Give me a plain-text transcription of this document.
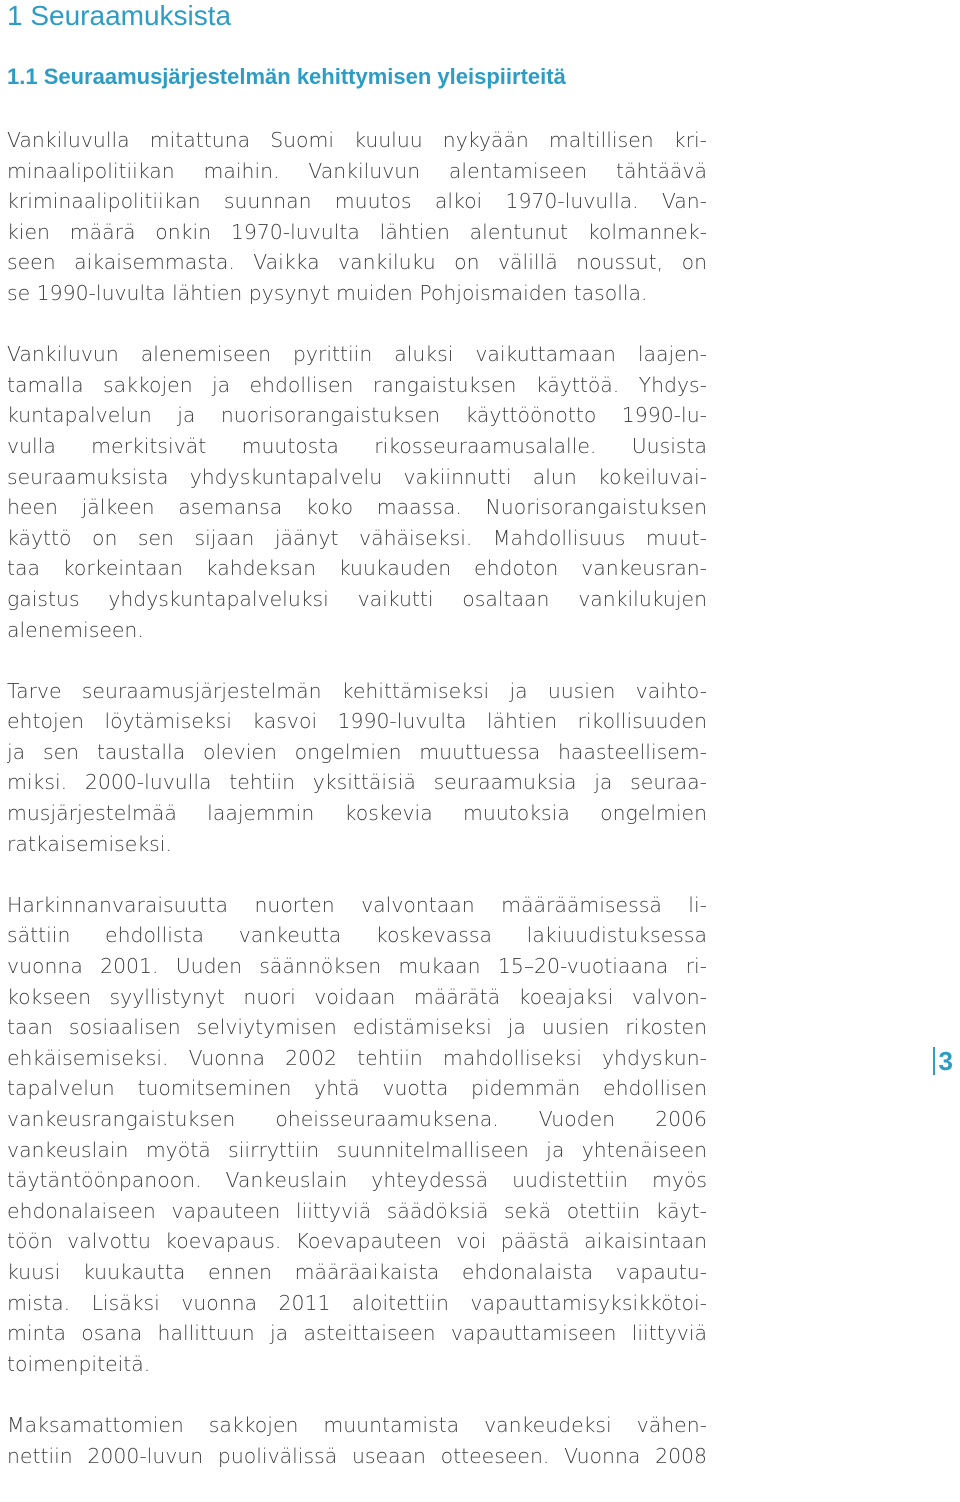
1 Seuraamuksista
1.1 Seuraamusjärjestelmän kehittymisen yleispiirteitä

Vankiluvulla mitattuna Suomi kuuluu nykyään maltillisen kri-
minaalipolitiikan maihin. Vankiluvun alentamiseen tähtäävä
kriminaalipolitiikan suunnan muutos alkoi 1970-luvulla. Van-
kien määrä onkin 1970-luvulta lähtien alentunut kolmannek-
seen aikaisemmasta. Vaikka vankiluku on välillä noussut, on
se 1990-luvulta lähtien pysynyt muiden Pohjoismaiden tasolla.

Vankiluvun alenemiseen pyrittiin aluksi vaikuttamaan laajen-
tamalla sakkojen ja ehdollisen rangaistuksen käyttöä. Yhdys-
kuntapalvelun ja nuorisorangaistuksen käyttöönotto 1990-lu-
vulla merkitsivät muutosta rikosseuraamusalalle. Uusista
seuraamuksista yhdyskuntapalvelu vakiinnutti alun kokeiluvai-
heen jälkeen asemansa koko maassa. Nuorisorangaistuksen
käyttö on sen sijaan jäänyt vähäiseksi. Mahdollisuus muut-
taa korkeintaan kahdeksan kuukauden ehdoton vankeusran-
gaistus yhdyskuntapalveluksi vaikutti osaltaan vankilukujen
alenemiseen.

Tarve seuraamusjärjestelmän kehittämiseksi ja uusien vaihto-
ehtojen löytämiseksi kasvoi 1990-luvulta lähtien rikollisuuden
ja sen taustalla olevien ongelmien muuttuessa haasteellisem-
miksi. 2000-luvulla tehtiin yksittäisiä seuraamuksia ja seuraa-
musjärjestelmää laajemmin koskevia muutoksia ongelmien
ratkaisemiseksi.

Harkinnanvaraisuutta nuorten valvontaan määräämisessä li-
sättiin ehdollista vankeutta koskevassa lakiuudistuksessa
vuonna 2001. Uuden säännöksen mukaan 15–20-vuotiaana ri-
kokseen syyllistynyt nuori voidaan määrätä koeajaksi valvon-
taan sosiaalisen selviytymisen edistämiseksi ja uusien rikosten
ehkäisemiseksi. Vuonna 2002 tehtiin mahdolliseksi yhdyskun-
tapalvelun tuomitseminen yhtä vuotta pidemmän ehdollisen
vankeusrangaistuksen oheisseuraamuksena. Vuoden 2006
vankeuslain myötä siirryttiin suunnitelmalliseen ja yhtenäiseen
täytäntöönpanoon. Vankeuslain yhteydessä uudistettiin myös
ehdonalaiseen vapauteen liittyviä säädöksiä sekä otettiin käyt-
töön valvottu koevapaus. Koevapauteen voi päästä aikaisintaan
kuusi kuukautta ennen määräaikaista ehdonalaista vapautu-
mista. Lisäksi vuonna 2011 aloitettiin vapauttamisyksikkötoi-
minta osana hallittuun ja asteittaiseen vapauttamiseen liittyviä
toimenpiteitä.

Maksamattomien sakkojen muuntamista vankeudeksi vähen-
nettiin 2000-luvun puolivälissä useaan otteeseen. Vuonna 2008

3
